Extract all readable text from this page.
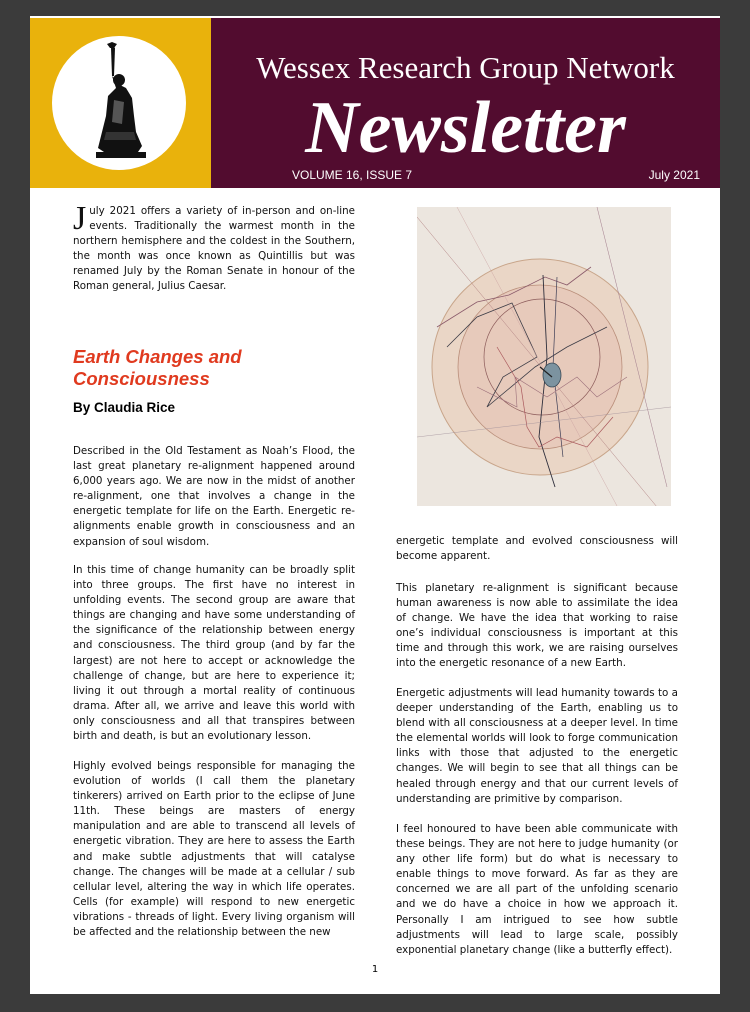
Wessex Research Group Network
Newsletter
VOLUME 16, ISSUE 7	July 2021

July 2021 offers a variety of in-person and on-line events. Traditionally the warmest month in the northern hemisphere and the coldest in the Southern, the month was once known as Quintillis but was renamed July by the Roman Senate in honour of the Roman general, Julius Caesar.

Earth Changes and Consciousness
By Claudia Rice

Described in the Old Testament as Noah’s Flood, the last great planetary re-alignment happened around 6,000 years ago. We are now in the midst of another re-alignment, one that involves a change in the energetic template for life on the Earth. Energetic re-alignments enable growth in consciousness and an expansion of soul wisdom.

In this time of change humanity can be broadly split into three groups. The first have no interest in unfolding events. The second group are aware that things are changing and have some understanding of the significance of the relationship between energy and consciousness. The third group (and by far the largest) are not here to accept or acknowledge the challenge of change, but are here to experience it; living it out through a mortal reality of continuous drama. After all, we arrive and leave this world with only consciousness and all that transpires between birth and death, is but an evolutionary lesson.

Highly evolved beings responsible for managing the evolution of worlds (I call them the planetary tinkerers) arrived on Earth prior to the eclipse of June 11th. These beings are masters of energy manipulation and are able to transcend all levels of energetic vibration. They are here to assess the Earth and make subtle adjustments that will catalyse change. The changes will be made at a cellular / sub cellular level, altering the way in which life operates. Cells (for example) will respond to new energetic vibrations - threads of light. Every living organism will be affected and the relationship between the new

energetic template and evolved consciousness will become apparent.

This planetary re-alignment is significant because human awareness is now able to assimilate the idea of change. We have the idea that working to raise one’s individual consciousness is important at this time and through this work, we are raising ourselves into the energetic resonance of a new Earth.

Energetic adjustments will lead humanity towards to a deeper understanding of the Earth, enabling us to blend with all consciousness at a deeper level. In time the elemental worlds will look to forge communication links with those that adjusted to the energetic changes. We will begin to see that all things can be healed through energy and that our current levels of understanding are primitive by comparison.

I feel honoured to have been able communicate with these beings. They are not here to judge humanity (or any other life form) but do what is necessary to enable things to move forward. As far as they are concerned we are all part of the unfolding scenario and we do have a choice in how we approach it. Personally I am intrigued to see how subtle adjustments will lead to large scale, possibly exponential planetary change (like a butterfly effect).

1
